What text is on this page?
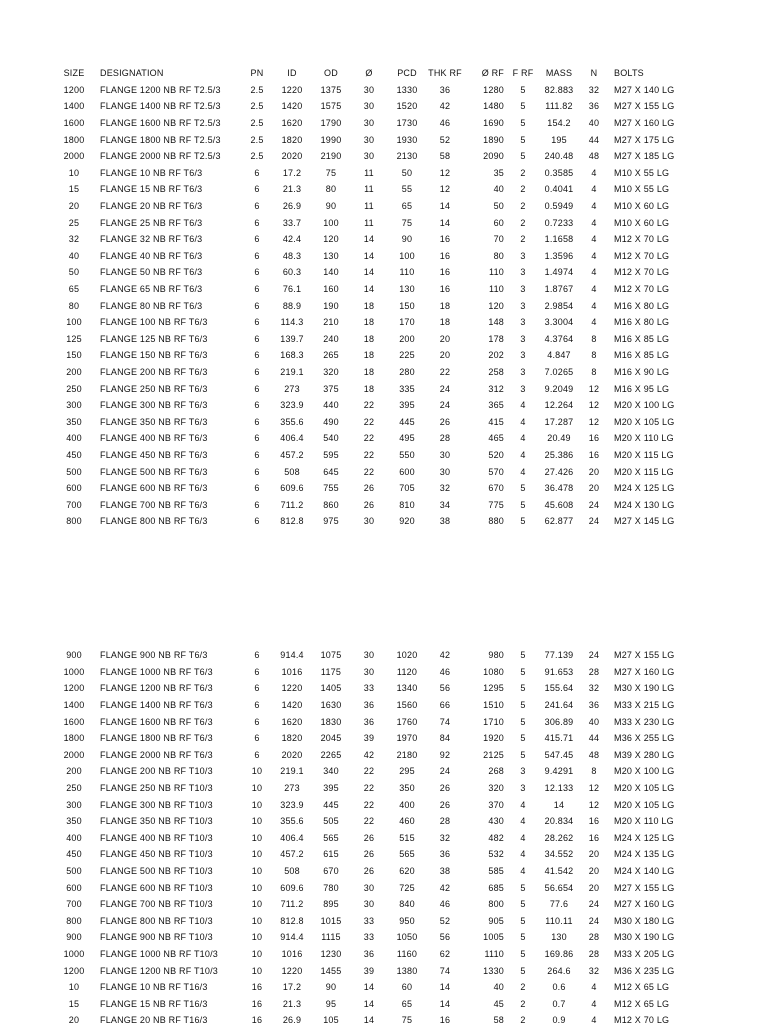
SIZE	DESIGNATION	PN	ID	OD	Ø	PCD	THK RF	Ø RF	F RF	MASS	N	BOLTS
1200	FLANGE 1200 NB RF T2.5/3	2.5	1220	1375	30	1330	36	1280	5	82.883	32	M27 X 140 LG
1400	FLANGE 1400 NB RF T2.5/3	2.5	1420	1575	30	1520	42	1480	5	111.82	36	M27 X 155 LG
1600	FLANGE 1600 NB RF T2.5/3	2.5	1620	1790	30	1730	46	1690	5	154.2	40	M27 X 160 LG
1800	FLANGE 1800 NB RF T2.5/3	2.5	1820	1990	30	1930	52	1890	5	195	44	M27 X 175 LG
2000	FLANGE 2000 NB RF T2.5/3	2.5	2020	2190	30	2130	58	2090	5	240.48	48	M27 X 185 LG
10	FLANGE 10 NB RF T6/3	6	17.2	75	11	50	12	35	2	0.3585	4	M10 X 55 LG
15	FLANGE 15 NB RF T6/3	6	21.3	80	11	55	12	40	2	0.4041	4	M10 X 55 LG
20	FLANGE 20 NB RF T6/3	6	26.9	90	11	65	14	50	2	0.5949	4	M10 X 60 LG
25	FLANGE 25 NB RF T6/3	6	33.7	100	11	75	14	60	2	0.7233	4	M10 X 60 LG
32	FLANGE 32 NB RF T6/3	6	42.4	120	14	90	16	70	2	1.1658	4	M12 X 70 LG
40	FLANGE 40 NB RF T6/3	6	48.3	130	14	100	16	80	3	1.3596	4	M12 X 70 LG
50	FLANGE 50 NB RF T6/3	6	60.3	140	14	110	16	110	3	1.4974	4	M12 X 70 LG
65	FLANGE 65 NB RF T6/3	6	76.1	160	14	130	16	110	3	1.8767	4	M12 X 70 LG
80	FLANGE 80 NB RF T6/3	6	88.9	190	18	150	18	120	3	2.9854	4	M16 X 80 LG
100	FLANGE 100 NB RF T6/3	6	114.3	210	18	170	18	148	3	3.3004	4	M16 X 80 LG
125	FLANGE 125 NB RF T6/3	6	139.7	240	18	200	20	178	3	4.3764	8	M16 X 85 LG
150	FLANGE 150 NB RF T6/3	6	168.3	265	18	225	20	202	3	4.847	8	M16 X 85 LG
200	FLANGE 200 NB RF T6/3	6	219.1	320	18	280	22	258	3	7.0265	8	M16 X 90 LG
250	FLANGE 250 NB RF T6/3	6	273	375	18	335	24	312	3	9.2049	12	M16 X 95 LG
300	FLANGE 300 NB RF T6/3	6	323.9	440	22	395	24	365	4	12.264	12	M20 X 100 LG
350	FLANGE 350 NB RF T6/3	6	355.6	490	22	445	26	415	4	17.287	12	M20 X 105 LG
400	FLANGE 400 NB RF T6/3	6	406.4	540	22	495	28	465	4	20.49	16	M20 X 110 LG
450	FLANGE 450 NB RF T6/3	6	457.2	595	22	550	30	520	4	25.386	16	M20 X 115 LG
500	FLANGE 500 NB RF T6/3	6	508	645	22	600	30	570	4	27.426	20	M20 X 115 LG
600	FLANGE 600 NB RF T6/3	6	609.6	755	26	705	32	670	5	36.478	20	M24 X 125 LG
700	FLANGE 700 NB RF T6/3	6	711.2	860	26	810	34	775	5	45.608	24	M24 X 130 LG
800	FLANGE 800 NB RF T6/3	6	812.8	975	30	920	38	880	5	62.877	24	M27 X 145 LG
900	FLANGE 900 NB RF T6/3	6	914.4	1075	30	1020	42	980	5	77.139	24	M27 X 155 LG
1000	FLANGE 1000 NB RF T6/3	6	1016	1175	30	1120	46	1080	5	91.653	28	M27 X 160 LG
1200	FLANGE 1200 NB RF T6/3	6	1220	1405	33	1340	56	1295	5	155.64	32	M30 X 190 LG
1400	FLANGE 1400 NB RF T6/3	6	1420	1630	36	1560	66	1510	5	241.64	36	M33 X 215 LG
1600	FLANGE 1600 NB RF T6/3	6	1620	1830	36	1760	74	1710	5	306.89	40	M33 X 230 LG
1800	FLANGE 1800 NB RF T6/3	6	1820	2045	39	1970	84	1920	5	415.71	44	M36 X 255 LG
2000	FLANGE 2000 NB RF T6/3	6	2020	2265	42	2180	92	2125	5	547.45	48	M39 X 280 LG
200	FLANGE 200 NB RF T10/3	10	219.1	340	22	295	24	268	3	9.4291	8	M20 X 100 LG
250	FLANGE 250 NB RF T10/3	10	273	395	22	350	26	320	3	12.133	12	M20 X 105 LG
300	FLANGE 300 NB RF T10/3	10	323.9	445	22	400	26	370	4	14	12	M20 X 105 LG
350	FLANGE 350 NB RF T10/3	10	355.6	505	22	460	28	430	4	20.834	16	M20 X 110 LG
400	FLANGE 400 NB RF T10/3	10	406.4	565	26	515	32	482	4	28.262	16	M24 X 125 LG
450	FLANGE 450 NB RF T10/3	10	457.2	615	26	565	36	532	4	34.552	20	M24 X 135 LG
500	FLANGE 500 NB RF T10/3	10	508	670	26	620	38	585	4	41.542	20	M24 X 140 LG
600	FLANGE 600 NB RF T10/3	10	609.6	780	30	725	42	685	5	56.654	20	M27 X 155 LG
700	FLANGE 700 NB RF T10/3	10	711.2	895	30	840	46	800	5	77.6	24	M27 X 160 LG
800	FLANGE 800 NB RF T10/3	10	812.8	1015	33	950	52	905	5	110.11	24	M30 X 180 LG
900	FLANGE 900 NB RF T10/3	10	914.4	1115	33	1050	56	1005	5	130	28	M30 X 190 LG
1000	FLANGE 1000 NB RF T10/3	10	1016	1230	36	1160	62	1110	5	169.86	28	M33 X 205 LG
1200	FLANGE 1200 NB RF T10/3	10	1220	1455	39	1380	74	1330	5	264.6	32	M36 X 235 LG
10	FLANGE 10 NB RF T16/3	16	17.2	90	14	60	14	40	2	0.6	4	M12 X 65 LG
15	FLANGE 15 NB RF T16/3	16	21.3	95	14	65	14	45	2	0.7	4	M12 X 65 LG
20	FLANGE 20 NB RF T16/3	16	26.9	105	14	75	16	58	2	0.9	4	M12 X 70 LG
